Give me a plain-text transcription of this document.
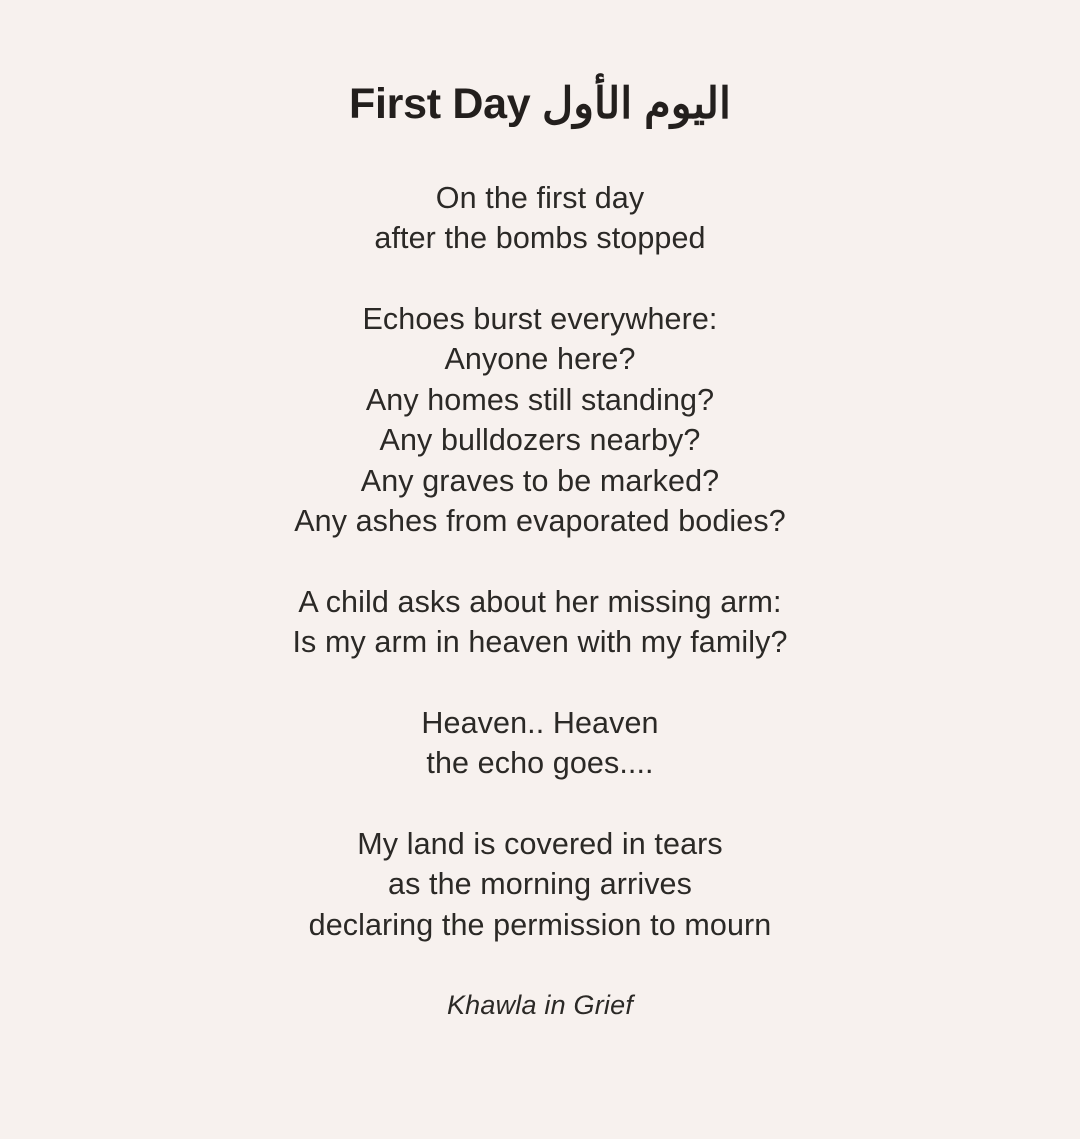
First Day اليوم الأول
On the first day
after the bombs stopped
Echoes burst everywhere:
Anyone here?
Any homes still standing?
Any bulldozers nearby?
Any graves to be marked?
Any ashes from evaporated bodies?
A child asks about her missing arm:
Is my arm in heaven with my family?
Heaven.. Heaven
the echo goes....
My land is covered in tears
as the morning arrives
declaring the permission to mourn
Khawla in Grief
